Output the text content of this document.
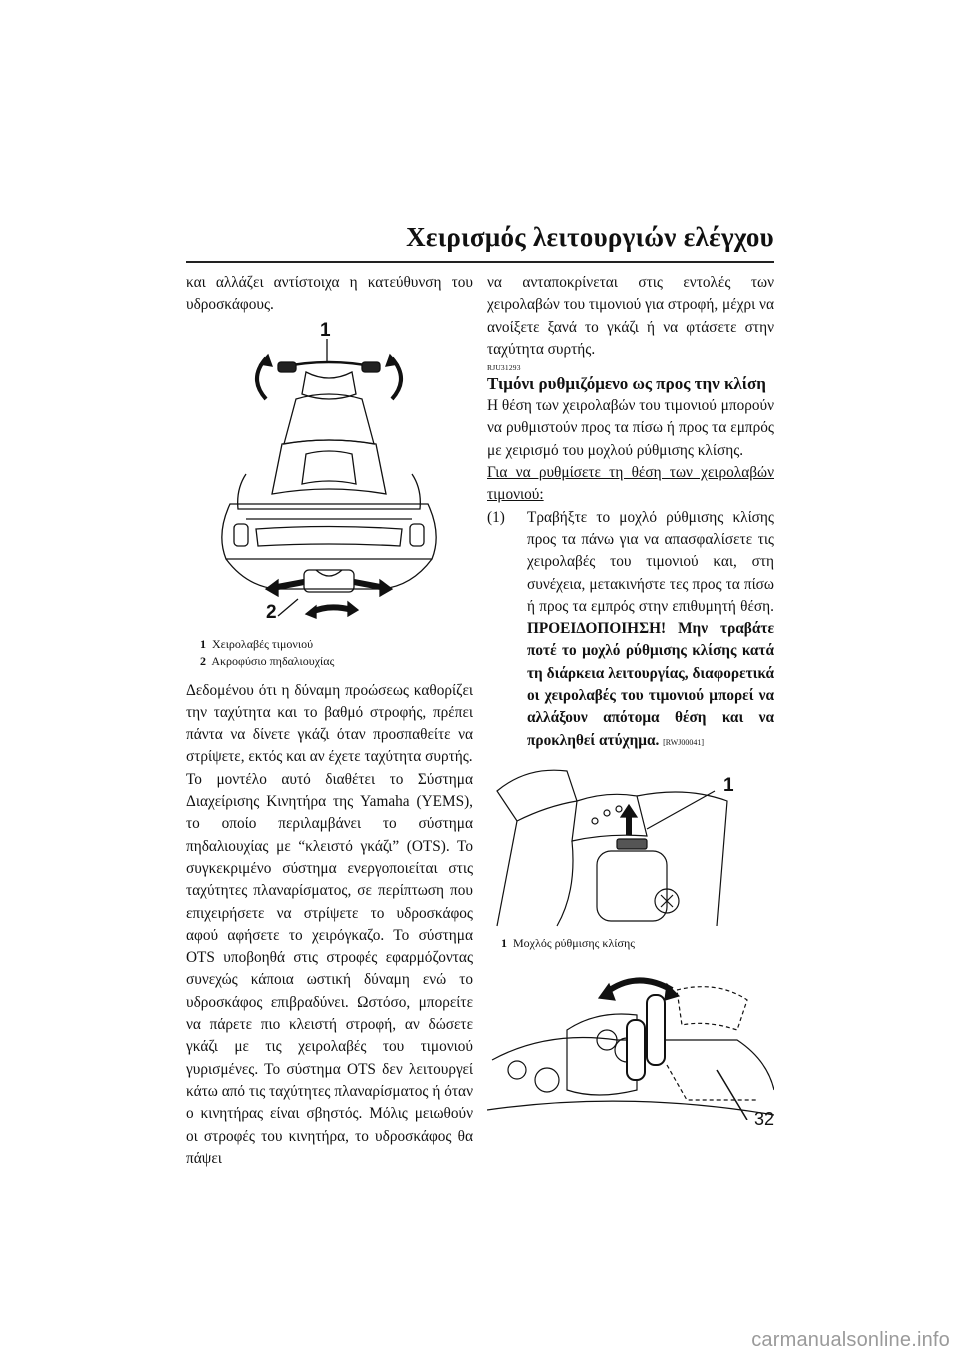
Χειρισμός λειτουργιών ελέγχου

και αλλάζει αντίστοιχα η κατεύθυνση του υδροσκάφους.

1
2
1 Χειρολαβές τιμονιού
2 Ακροφύσιο πηδαλιουχίας

Δεδομένου ότι η δύναμη προώσεως καθορίζει την ταχύτητα και το βαθμό στροφής, πρέπει πάντα να δίνετε γκάζι όταν προσπαθείτε να στρίψετε, εκτός και αν έχετε ταχύτητα συρτής.

Το μοντέλο αυτό διαθέτει το Σύστημα Διαχείρισης Κινητήρα της Yamaha (YEMS), το οποίο περιλαμβάνει το σύστημα πηδαλιουχίας με “κλειστό γκάζι” (OTS). Το συγκεκριμένο σύστημα ενεργοποιείται στις ταχύτητες πλαναρίσματος, σε περίπτωση που επιχειρήσετε να στρίψετε το υδροσκάφος αφού αφήσετε το χειρόγκαζο. Το σύστημα OTS υποβοηθά στις στροφές εφαρμόζοντας συνεχώς κάποια ωστική δύναμη ενώ το υδροσκάφος επιβραδύνει. Ωστόσο, μπορείτε να πάρετε πιο κλειστή στροφή, αν δώσετε γκάζι με τις χειρολαβές του τιμονιού γυρισμένες. Το σύστημα OTS δεν λειτουργεί κάτω από τις ταχύτητες πλαναρίσματος ή όταν ο κινητήρας είναι σβηστός. Μόλις μειωθούν οι στροφές του κινητήρα, το υδροσκάφος θα πάψει

να ανταποκρίνεται στις εντολές των χειρολαβών του τιμονιού για στροφή, μέχρι να ανοίξετε ξανά το γκάζι ή να φτάσετε στην ταχύτητα συρτής.

RJU31293

Τιμόνι ρυθμιζόμενο ως προς την κλίση

Η θέση των χειρολαβών του τιμονιού μπορούν να ρυθμιστούν προς τα πίσω ή προς τα εμπρός με χειρισμό του μοχλού ρύθμισης κλίσης.

Για να ρυθμίσετε τη θέση των χειρολαβών τιμονιού:

(1)	Τραβήξτε το μοχλό ρύθμισης κλίσης προς τα πάνω για να απασφαλίσετε τις χειρολαβές του τιμονιού και, στη συνέχεια, μετακινήστε τες προς τα πίσω ή προς τα εμπρός στην επιθυμητή θέση. ΠΡΟΕΙΔΟΠΟΙΗΣΗ! Μην τραβάτε ποτέ το μοχλό ρύθμισης κλίσης κατά τη διάρκεια λειτουργίας, διαφορετικά οι χειρολαβές του τιμονιού μπορεί να αλλάξουν απότομα θέση και να προκληθεί ατύχημα. [RWJ00041]
1
1 Μοχλός ρύθμισης κλίσης
32
carmanualsonline.info
